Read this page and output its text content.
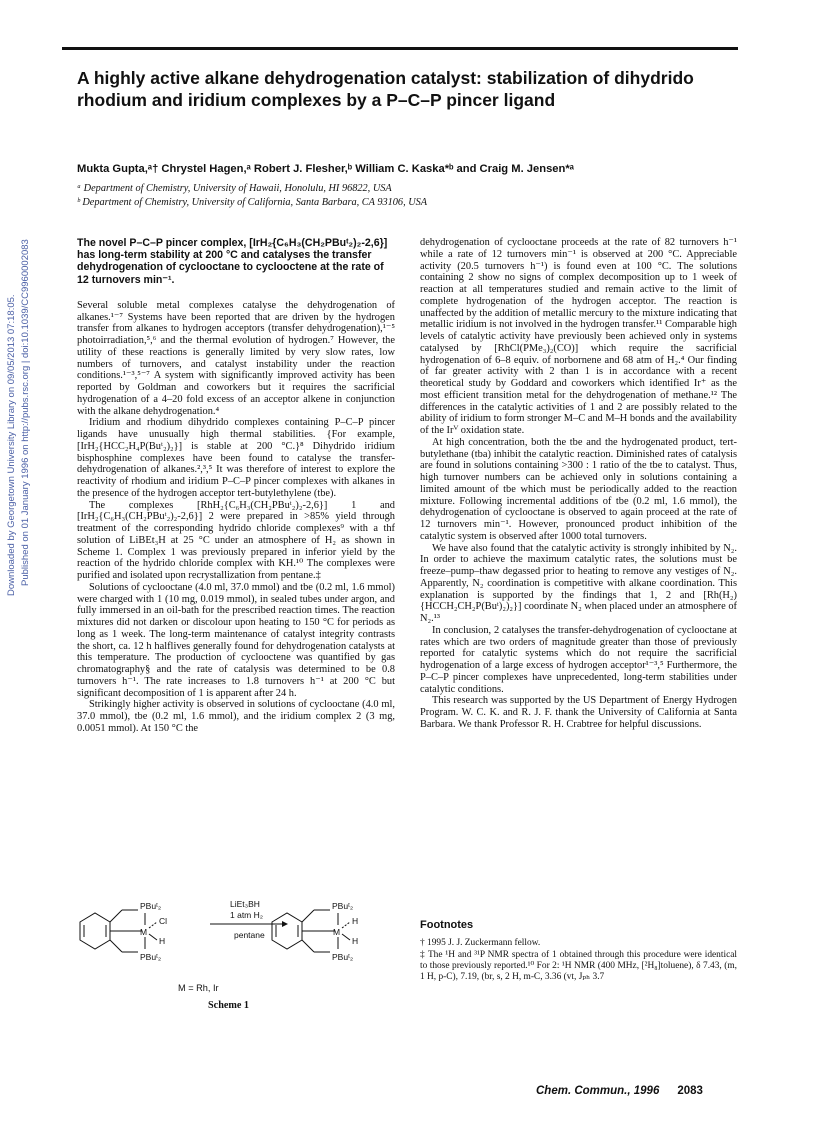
Downloaded by Georgetown University Library on 09/05/2013 07:18:05. Published on 01 January 1996 on http://pubs.rsc.org | doi:10.1039/CC9960002083
A highly active alkane dehydrogenation catalyst: stabilization of dihydrido rhodium and iridium complexes by a P–C–P pincer ligand
Mukta Gupta,ᵃ† Chrystel Hagen,ᵃ Robert J. Flesher,ᵇ William C. Kaska*ᵇ and Craig M. Jensen*ᵃ
ᵃ Department of Chemistry, University of Hawaii, Honolulu, HI 96822, USA
ᵇ Department of Chemistry, University of California, Santa Barbara, CA 93106, USA

The novel P–C–P pincer complex, [IrH₂{C₆H₃(CH₂PBuᵗ₂)₂-2,6}] has long-term stability at 200 °C and catalyses the transfer dehydrogenation of cyclooctane to cyclooctene at the rate of 12 turnovers min⁻¹.

Several soluble metal complexes catalyse the dehydrogenation of alkanes.¹⁻⁷ Systems have been reported that are driven by the hydrogen transfer from alkanes to hydrogen acceptors (transfer dehydrogenation),¹⁻⁵ photoirradiation,⁵,⁶ and the thermal evolution of hydrogen.⁷ However, the utility of these reactions is generally limited by very slow rates, low numbers of turnovers, and catalyst instability under the reaction conditions.¹⁻³,⁵⁻⁷ A system with significantly improved activity has been reported by Goldman and coworkers but it requires the sacrificial hydrogenation of a 4–20 fold excess of an acceptor alkene in conjunction with the alkane dehydrogenation.⁴

Iridium and rhodium dihydrido complexes containing P–C–P pincer ligands have unusually high thermal stabilities. {For example, [IrH₂{HCC₂H₄P(Buᵗ₂)₂}] is stable at 200 °C.}⁸ Dihydrido iridium bisphosphine complexes have been found to catalyse the transfer-dehydrogenation of alkanes.²,³,⁵ It was therefore of interest to explore the reactivity of rhodium and iridium P–C–P pincer complexes with alkanes in the presence of the hydrogen acceptor tert-butylethylene (tbe).

The complexes [RhH₂{C₆H₃(CH₂PBuᵗ₂)₂-2,6}] 1 and [IrH₂{C₆H₃(CH₂PBuᵗ₂)₂-2,6}] 2 were prepared in >85% yield through treatment of the corresponding hydrido chloride complexes⁹ with a thf solution of LiBEt₃H at 25 °C under an atmosphere of H₂ as shown in Scheme 1. Complex 1 was previously prepared in inferior yield by the reaction of the hydrido chloride complex with KH.¹⁰ The complexes were purified and isolated upon recrystallization from pentane.‡

Solutions of cyclooctane (4.0 ml, 37.0 mmol) and tbe (0.2 ml, 1.6 mmol) were charged with 1 (10 mg, 0.019 mmol), in sealed tubes under argon, and fully immersed in an oil-bath for the prescribed reaction times. The reaction mixtures did not darken or discolour upon heating to 150 °C for periods as long as 1 week. The long-term maintenance of catalyst integrity contrasts the short, ca. 12 h halflives generally found for dehydrogenation catalysts at this temperature. The production of cyclooctene was quantified by gas chromatography§ and the rate of catalysis was determined to be 0.8 turnovers h⁻¹. The rate increases to 1.8 turnovers h⁻¹ at 200 °C but significant decomposition of 1 is apparent after 24 h.

Strikingly higher activity is observed in solutions of cyclooctane (4.0 ml, 37.0 mmol), tbe (0.2 ml, 1.6 mmol), and the iridium complex 2 (3 mg, 0.0051 mmol). At 150 °C the

PBuᵗ₂
PBuᵗ₂
M
Cl
H
LiEt₃BH
1 atm H₂
pentane
PBuᵗ₂
PBuᵗ₂
M
H
H
M = Rh, Ir
Scheme 1

dehydrogenation of cyclooctane proceeds at the rate of 82 turnovers h⁻¹ while a rate of 12 turnovers min⁻¹ is observed at 200 °C. Appreciable activity (20.5 turnovers h⁻¹) is found even at 100 °C. The solutions containing 2 show no signs of complex decomposition up to 1 week of reaction at all temperatures studied and remain active to the limit of complete hydrogenation of the hydrogen acceptor. The reaction is unaffected by the addition of metallic mercury to the mixture indicating that metallic iridium is not involved in the hydrogen transfer.¹¹ Comparable high levels of catalytic activity have previously been achieved only in systems catalysed by [RhCl(PMe₃)₂(CO)] which require the sacrificial hydrogenation of 6–8 equiv. of norbornene and 68 atm of H₂.⁴ Our finding of far greater activity with 2 than 1 is in accordance with a recent theoretical study by Goddard and coworkers which identified Ir⁺ as the most efficient transition metal for the dehydrogenation of methane.¹² The differences in the catalytic activities of 1 and 2 are possibly related to the ability of iridium to form stronger M–C and M–H bonds and the availability of the Irⱽ oxidation state.

At high concentration, both the tbe and the hydrogenated product, tert-butylethane (tba) inhibit the catalytic reaction. Diminished rates of catalysis are found in solutions containing >300 : 1 ratio of the tbe to catalyst. Thus, high turnover numbers can be achieved only in solutions containing a limited amount of tbe which must be periodically added to the reaction mixture. Following incremental additions of tbe (0.2 ml, 1.6 mmol), the dehydrogenation of cyclooctane is observed to again proceed at the rate of 12 turnovers min⁻¹. However, pronounced product inhibition of the catalytic system is observed after 1000 total turnovers.

We have also found that the catalytic activity is strongly inhibited by N₂. In order to achieve the maximum catalytic rates, the solutions must be freeze–pump–thaw degassed prior to heating to remove any vestiges of N₂. Apparently, N₂ coordination is competitive with alkane coordination. This explanation is supported by the findings that 1, 2 and [Rh(H₂){HCCH₂CH₂P(Buᵗ)₂)₂}] coordinate N₂ when placed under an atmosphere of N₂.¹³

In conclusion, 2 catalyses the transfer-dehydrogenation of cyclooctane at rates which are two orders of magnitude greater than those of previously reported for catalytic systems which do not require the sacrificial hydrogenation of a large excess of hydrogen acceptor¹⁻³,⁵ Furthermore, the P–C–P pincer complexes have unprecedented, long-term stabilities under catalytic conditions.

This research was supported by the US Department of Energy Hydrogen Program. W. C. K. and R. J. F. thank the University of California at Santa Barbara. We thank Professor R. H. Crabtree for helpful discussions.

Footnotes
† 1995 J. J. Zuckermann fellow.
‡ The ¹H and ³¹P NMR spectra of 1 obtained through this procedure were identical to those previously reported.¹⁰ For 2: ¹H NMR (400 MHz, [²H₈]toluene), δ 7.43, (m, 1 H, p-C), 7.19, (br, s, 2 H, m-C, 3.36 (vt, Jₚₕ 3.7
Chem. Commun., 1996 2083
